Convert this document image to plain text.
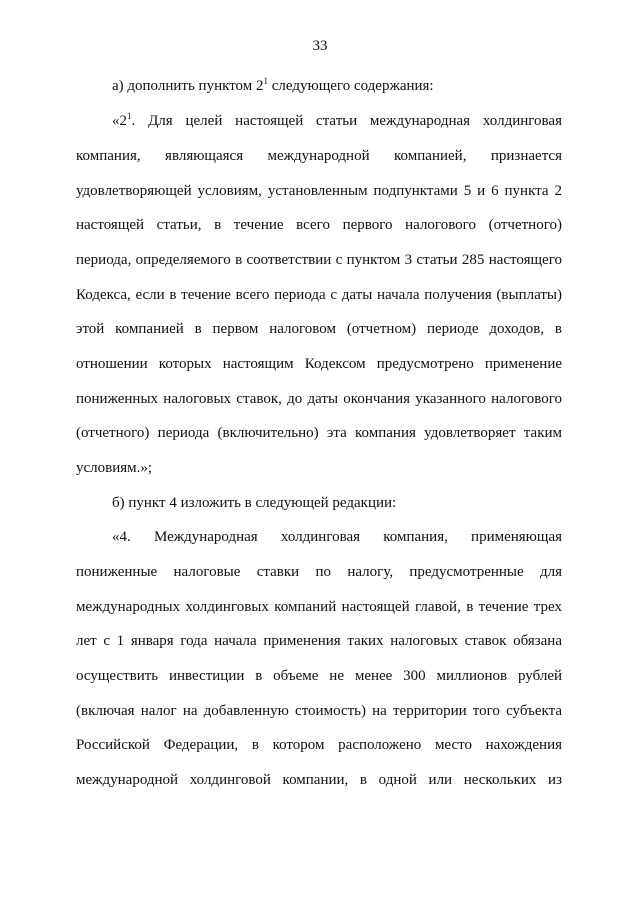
33
а) дополнить пунктом $2^1$ следующего содержания:
«$2^1$. Для целей настоящей статьи международная холдинговая
компания, являющаяся международной компанией, признается
удовлетворяющей условиям, установленным подпунктами 5 и 6 пункта 2
настоящей статьи, в течение всего первого налогового (отчетного)
периода, определяемого в соответствии с пунктом 3 статьи 285 настоящего
Кодекса, если в течение всего периода с даты начала получения (выплаты)
этой компанией в первом налоговом (отчетном) периоде доходов, в
отношении которых настоящим Кодексом предусмотрено применение
пониженных налоговых ставок, до даты окончания указанного налогового
(отчетного) периода (включительно) эта компания удовлетворяет таким
условиям.»;
б) пункт 4 изложить в следующей редакции:
«4. Международная холдинговая компания, применяющая
пониженные налоговые ставки по налогу, предусмотренные для
международных холдинговых компаний настоящей главой, в течение трех
лет с 1 января года начала применения таких налоговых ставок обязана
осуществить инвестиции в объеме не менее 300 миллионов рублей
(включая налог на добавленную стоимость) на территории того субъекта
Российской Федерации, в котором расположено место нахождения
международной холдинговой компании, в одной или нескольких из
